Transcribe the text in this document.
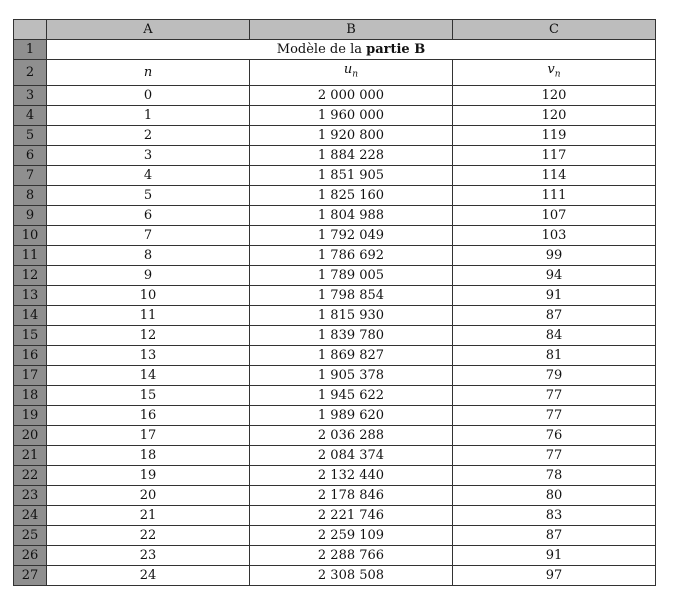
	A	B	C
1	Modèle de la partie B		
2	n	$u_n$	$v_n$
3	0	2 000 000	120
4	1	1 960 000	120
5	2	1 920 800	119
6	3	1 884 228	117
7	4	1 851 905	114
8	5	1 825 160	111
9	6	1 804 988	107
10	7	1 792 049	103
11	8	1 786 692	99
12	9	1 789 005	94
13	10	1 798 854	91
14	11	1 815 930	87
15	12	1 839 780	84
16	13	1 869 827	81
17	14	1 905 378	79
18	15	1 945 622	77
19	16	1 989 620	77
20	17	2 036 288	76
21	18	2 084 374	77
22	19	2 132 440	78
23	20	2 178 846	80
24	21	2 221 746	83
25	22	2 259 109	87
26	23	2 288 766	91
27	24	2 308 508	97
